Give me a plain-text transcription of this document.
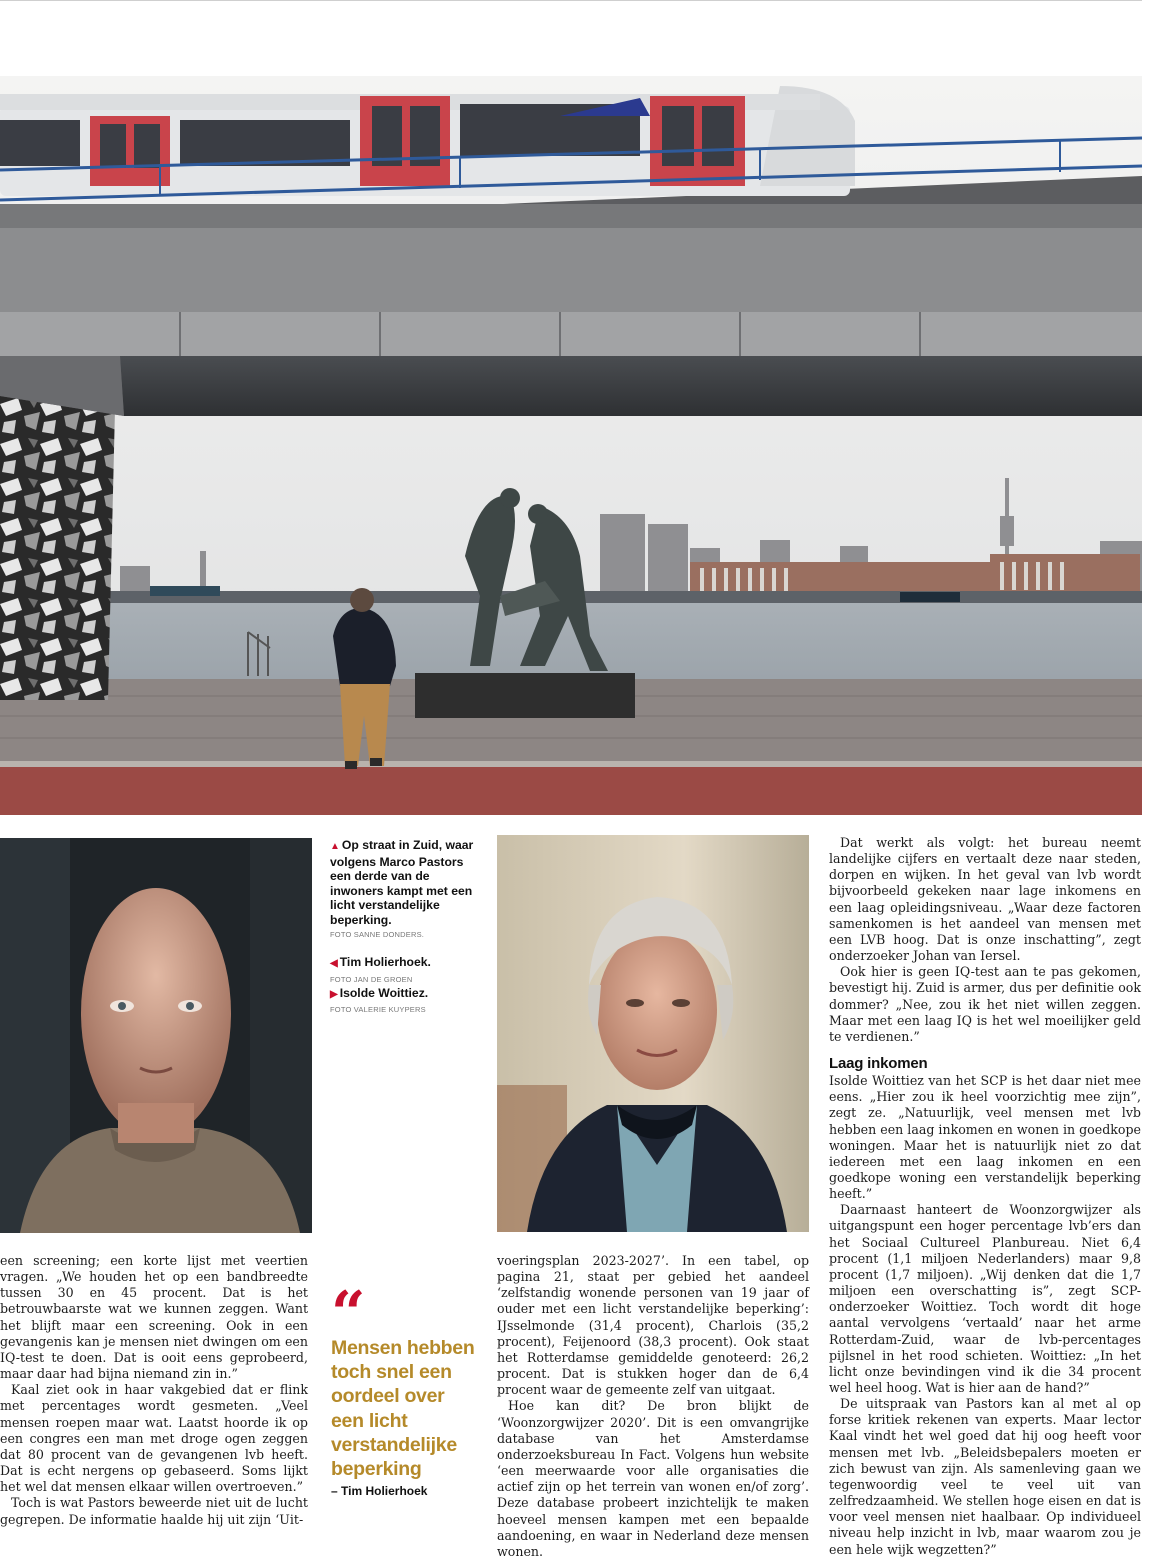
▲ Op straat in Zuid, waar volgens Marco Pastors een derde van de inwoners kampt met een licht verstandelijke beperking.
FOTO SANNE DONDERS.
◀ Tim Holierhoek.
FOTO JAN DE GROEN
▶ Isolde Woittiez.
FOTO VALERIE KUYPERS

een screening; een korte lijst met veertien vragen. „We houden het op een bandbreedte tussen 30 en 45 procent. Dat is het betrouwbaarste wat we kunnen zeggen. Want het blijft maar een screening. Ook in een gevangenis kan je mensen niet dwingen om een IQ-test te doen. Dat is ooit eens geprobeerd, maar daar had bijna niemand zin in.”

Kaal ziet ook in haar vakgebied dat er flink met percentages wordt gesmeten. „Veel mensen roepen maar wat. Laatst hoorde ik op een congres een man met droge ogen zeggen dat 80 procent van de gevangenen lvb heeft. Dat is echt nergens op gebaseerd. Soms lijkt het wel dat mensen elkaar willen overtroeven.”

Toch is wat Pastors beweerde niet uit de lucht gegrepen. De informatie haalde hij uit zijn ‘Uit-

“
Mensen hebben toch snel een oordeel over een licht verstandelijke beperking
– Tim Holierhoek

voeringsplan 2023-2027’. In een tabel, op pagina 21, staat per gebied het aandeel ‘zelfstandig wonende personen van 19 jaar of ouder met een licht verstandelijke beperking’: IJsselmonde (31,4 procent), Charlois (35,2 procent), Feijenoord (38,3 procent). Ook staat het Rotterdamse gemiddelde genoteerd: 26,2 procent. Dat is stukken hoger dan de 6,4 procent waar de gemeente zelf van uitgaat.

Hoe kan dit? De bron blijkt de ‘Woonzorgwijzer 2020’. Dit is een omvangrijke database van het Amsterdamse onderzoeksbureau In Fact. Volgens hun website ‘een meerwaarde voor alle organisaties die actief zijn op het terrein van wonen en/of zorg’. Deze database probeert inzichtelijk te maken hoeveel mensen kampen met een bepaalde aandoening, en waar in Nederland deze mensen wonen.

Dat werkt als volgt: het bureau neemt landelijke cijfers en vertaalt deze naar steden, dorpen en wijken. In het geval van lvb wordt bijvoorbeeld gekeken naar lage inkomens en een laag opleidingsniveau. „Waar deze factoren samenkomen is het aandeel van mensen met een LVB hoog. Dat is onze inschatting”, zegt onderzoeker Johan van Iersel.

Ook hier is geen IQ-test aan te pas gekomen, bevestigt hij. Zuid is armer, dus per definitie ook dommer? „Nee, zou ik het niet willen zeggen. Maar met een laag IQ is het wel moeilijker geld te verdienen.”

Laag inkomen

Isolde Woittiez van het SCP is het daar niet mee eens. „Hier zou ik heel voorzichtig mee zijn”, zegt ze. „Natuurlijk, veel mensen met lvb hebben een laag inkomen en wonen in goedkope woningen. Maar het is natuurlijk niet zo dat iedereen met een laag inkomen en een goedkope woning een verstandelijk beperking heeft.”

Daarnaast hanteert de Woonzorgwijzer als uitgangspunt een hoger percentage lvb’ers dan het Sociaal Cultureel Planbureau. Niet 6,4 procent (1,1 miljoen Nederlanders) maar 9,8 procent (1,7 miljoen). „Wij denken dat die 1,7 miljoen een overschatting is”, zegt SCP-onderzoeker Woittiez. Toch wordt dit hoge aantal vervolgens ‘vertaald’ naar het arme Rotterdam-Zuid, waar de lvb-percentages pijlsnel in het rood schieten. Woittiez: „In het licht onze bevindingen vind ik die 34 procent wel heel hoog. Wat is hier aan de hand?”

De uitspraak van Pastors kan al met al op forse kritiek rekenen van experts. Maar lector Kaal vindt het wel goed dat hij oog heeft voor mensen met lvb. „Beleidsbepalers moeten er zich bewust van zijn. Als samenleving gaan we tegenwoordig veel te veel uit van zelfredzaamheid. We stellen hoge eisen en dat is voor veel mensen niet haalbaar. Op individueel niveau help inzicht in lvb, maar waarom zou je een hele wijk wegzetten?”
